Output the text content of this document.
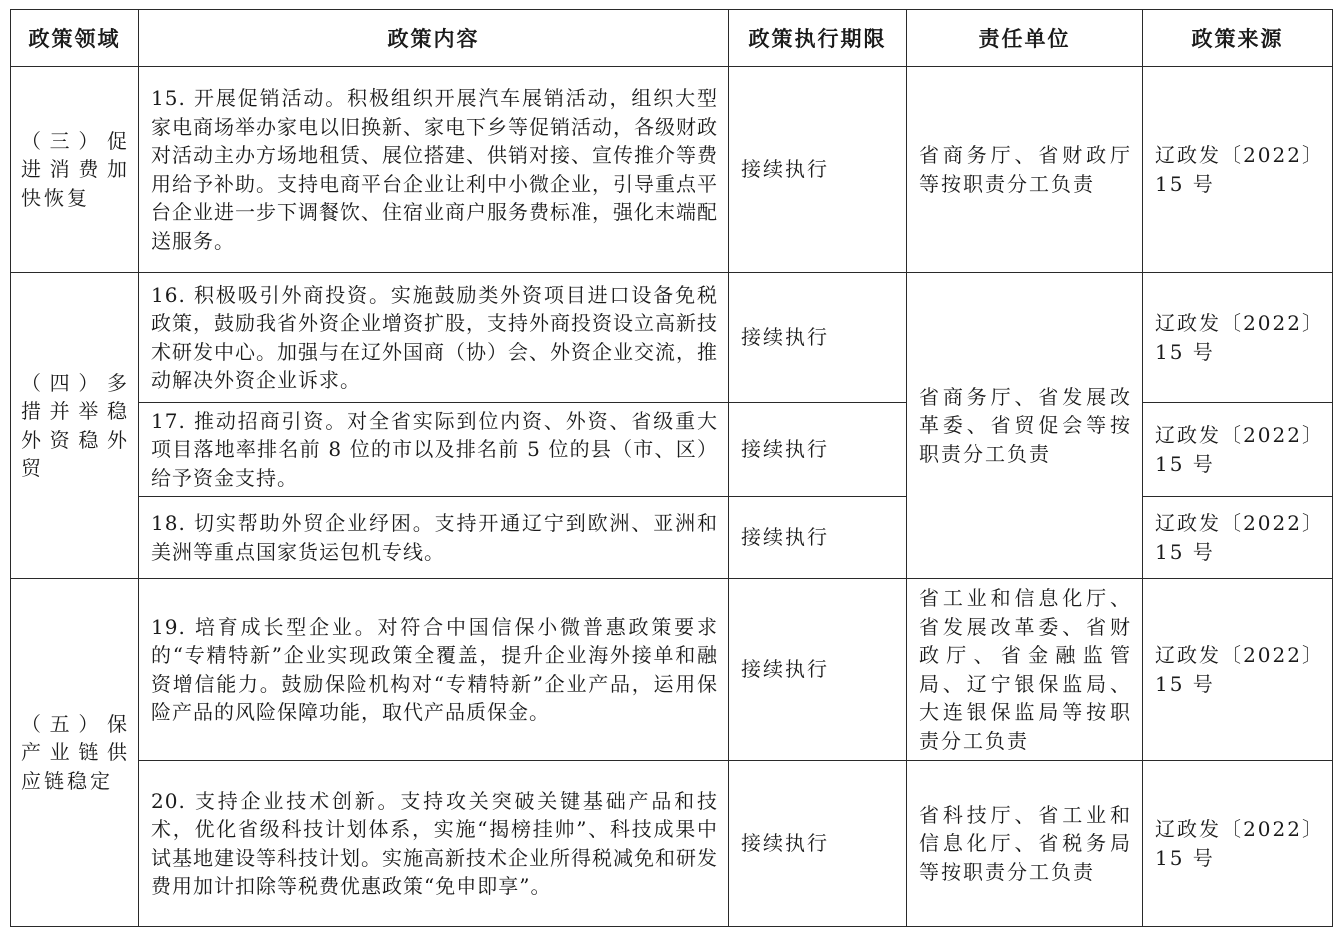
政策领域	政策内容	政策执行期限	责任单位	政策来源

（三）促进消费加快恢复	15. 开展促销活动。积极组织开展汽车展销活动，组织大型家电商场举办家电以旧换新、家电下乡等促销活动，各级财政对活动主办方场地租赁、展位搭建、供销对接、宣传推介等费用给予补助。支持电商平台企业让利中小微企业，引导重点平台企业进一步下调餐饮、住宿业商户服务费标准，强化末端配送服务。	接续执行	省商务厅、省财政厅等按职责分工负责	辽政发〔2022〕15 号

（四）多措并举稳外资稳外贸	16. 积极吸引外商投资。实施鼓励类外资项目进口设备免税政策，鼓励我省外资企业增资扩股，支持外商投资设立高新技术研发中心。加强与在辽外国商（协）会、外资企业交流，推动解决外资企业诉求。	接续执行	省商务厅、省发展改革委、省贸促会等按职责分工负责	辽政发〔2022〕15 号

	17. 推动招商引资。对全省实际到位内资、外资、省级重大项目落地率排名前 8 位的市以及排名前 5 位的县（市、区）给予资金支持。	接续执行		辽政发〔2022〕15 号

	18. 切实帮助外贸企业纾困。支持开通辽宁到欧洲、亚洲和美洲等重点国家货运包机专线。	接续执行		辽政发〔2022〕15 号

（五）保产业链供应链稳定	19. 培育成长型企业。对符合中国信保小微普惠政策要求的“专精特新”企业实现政策全覆盖，提升企业海外接单和融资增信能力。鼓励保险机构对“专精特新”企业产品，运用保险产品的风险保障功能，取代产品质保金。	接续执行	省工业和信息化厅、省发展改革委、省财政厅、省金融监管局、辽宁银保监局、大连银保监局等按职责分工负责	辽政发〔2022〕15 号

	20. 支持企业技术创新。支持攻关突破关键基础产品和技术，优化省级科技计划体系，实施“揭榜挂帅”、科技成果中试基地建设等科技计划。实施高新技术企业所得税减免和研发费用加计扣除等税费优惠政策“免申即享”。	接续执行	省科技厅、省工业和信息化厅、省税务局等按职责分工负责	辽政发〔2022〕15 号
